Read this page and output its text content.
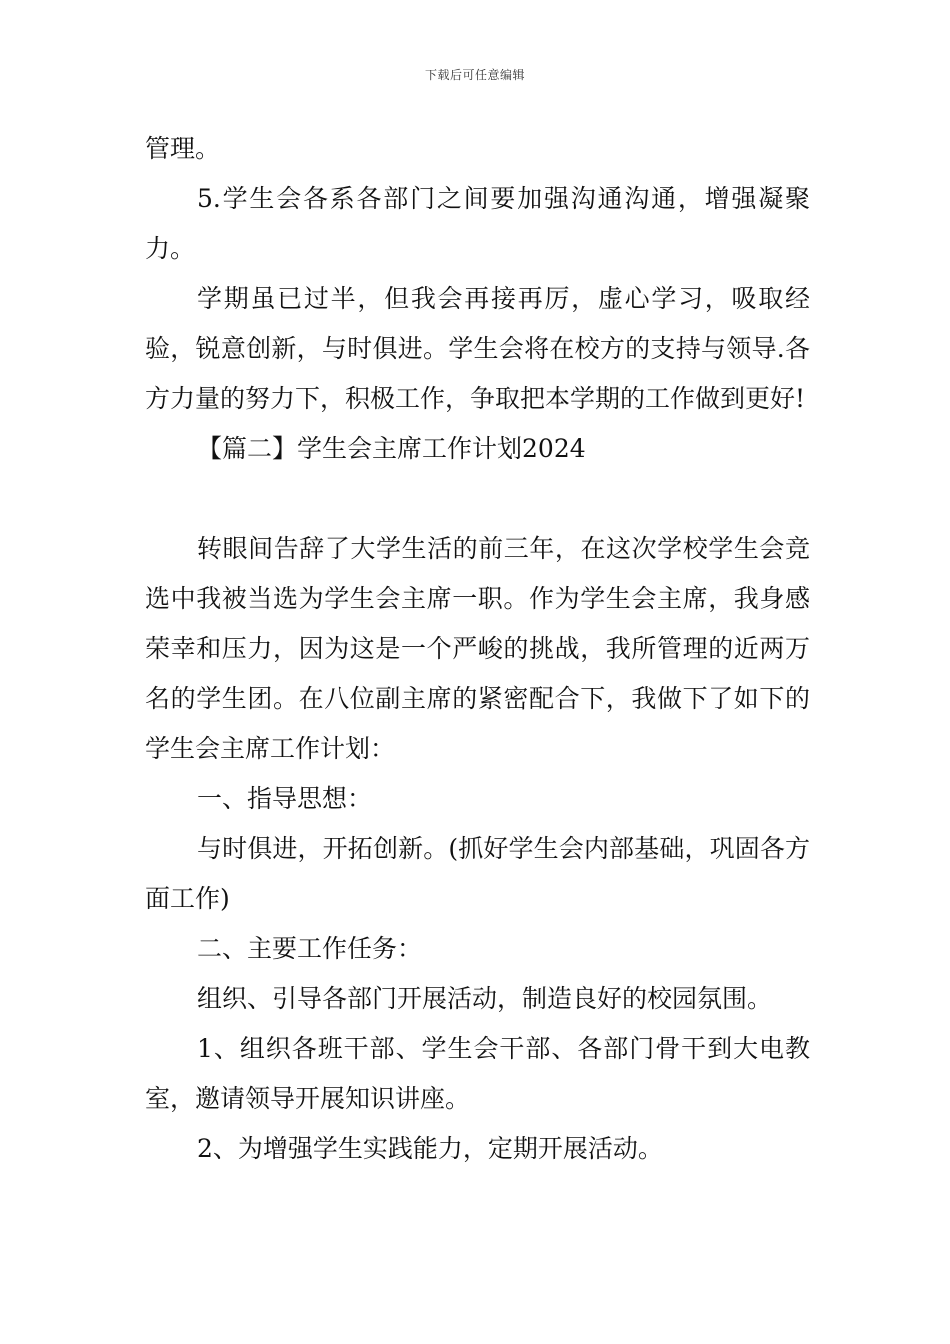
下载后可任意编辑

管理。

5.学生会各系各部门之间要加强沟通沟通，增强凝聚力。

学期虽已过半，但我会再接再厉，虚心学习，吸取经验，锐意创新，与时俱进。学生会将在校方的支持与领导.各方力量的努力下，积极工作，争取把本学期的工作做到更好!

【篇二】学生会主席工作计划2024

转眼间告辞了大学生活的前三年，在这次学校学生会竞选中我被当选为学生会主席一职。作为学生会主席，我身感荣幸和压力，因为这是一个严峻的挑战，我所管理的近两万名的学生团。在八位副主席的紧密配合下，我做下了如下的学生会主席工作计划：

一、指导思想：

与时俱进，开拓创新。(抓好学生会内部基础，巩固各方面工作)

二、主要工作任务：

组织、引导各部门开展活动，制造良好的校园氛围。

1、组织各班干部、学生会干部、各部门骨干到大电教室，邀请领导开展知识讲座。

2、为增强学生实践能力，定期开展活动。
